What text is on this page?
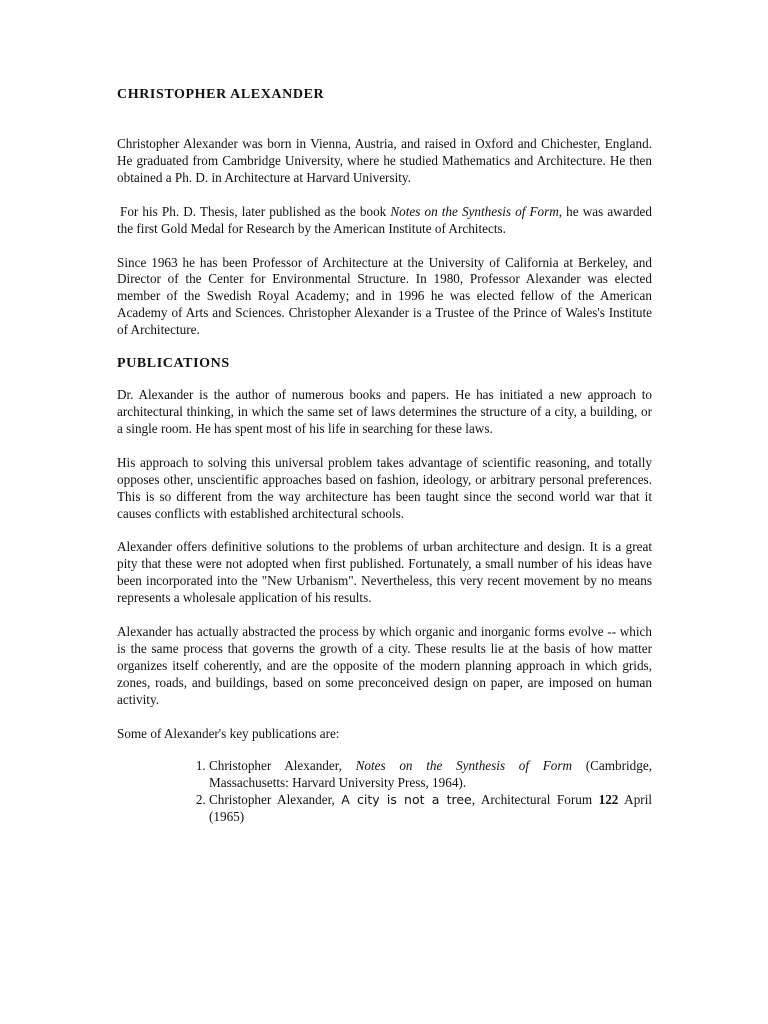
CHRISTOPHER ALEXANDER

Christopher Alexander was born in Vienna, Austria, and raised in Oxford and Chichester, England. He graduated from Cambridge University, where he studied Mathematics and Architecture. He then obtained a Ph. D. in Architecture at Harvard University.

For his Ph. D. Thesis, later published as the book Notes on the Synthesis of Form, he was awarded the first Gold Medal for Research by the American Institute of Architects.

Since 1963 he has been Professor of Architecture at the University of California at Berkeley, and Director of the Center for Environmental Structure. In 1980, Professor Alexander was elected member of the Swedish Royal Academy; and in 1996 he was elected fellow of the American Academy of Arts and Sciences. Christopher Alexander is a Trustee of the Prince of Wales's Institute of Architecture.

PUBLICATIONS

Dr. Alexander is the author of numerous books and papers. He has initiated a new approach to architectural thinking, in which the same set of laws determines the structure of a city, a building, or a single room. He has spent most of his life in searching for these laws.

His approach to solving this universal problem takes advantage of scientific reasoning, and totally opposes other, unscientific approaches based on fashion, ideology, or arbitrary personal preferences. This is so different from the way architecture has been taught since the second world war that it causes conflicts with established architectural schools.

Alexander offers definitive solutions to the problems of urban architecture and design. It is a great pity that these were not adopted when first published. Fortunately, a small number of his ideas have been incorporated into the "New Urbanism". Nevertheless, this very recent movement by no means represents a wholesale application of his results.

Alexander has actually abstracted the process by which organic and inorganic forms evolve -- which is the same process that governs the growth of a city. These results lie at the basis of how matter organizes itself coherently, and are the opposite of the modern planning approach in which grids, zones, roads, and buildings, based on some preconceived design on paper, are imposed on human activity.

Some of Alexander's key publications are:

1. Christopher Alexander, Notes on the Synthesis of Form (Cambridge, Massachusetts: Harvard University Press, 1964).
2. Christopher Alexander, A city is not a tree, Architectural Forum 122 April (1965)
